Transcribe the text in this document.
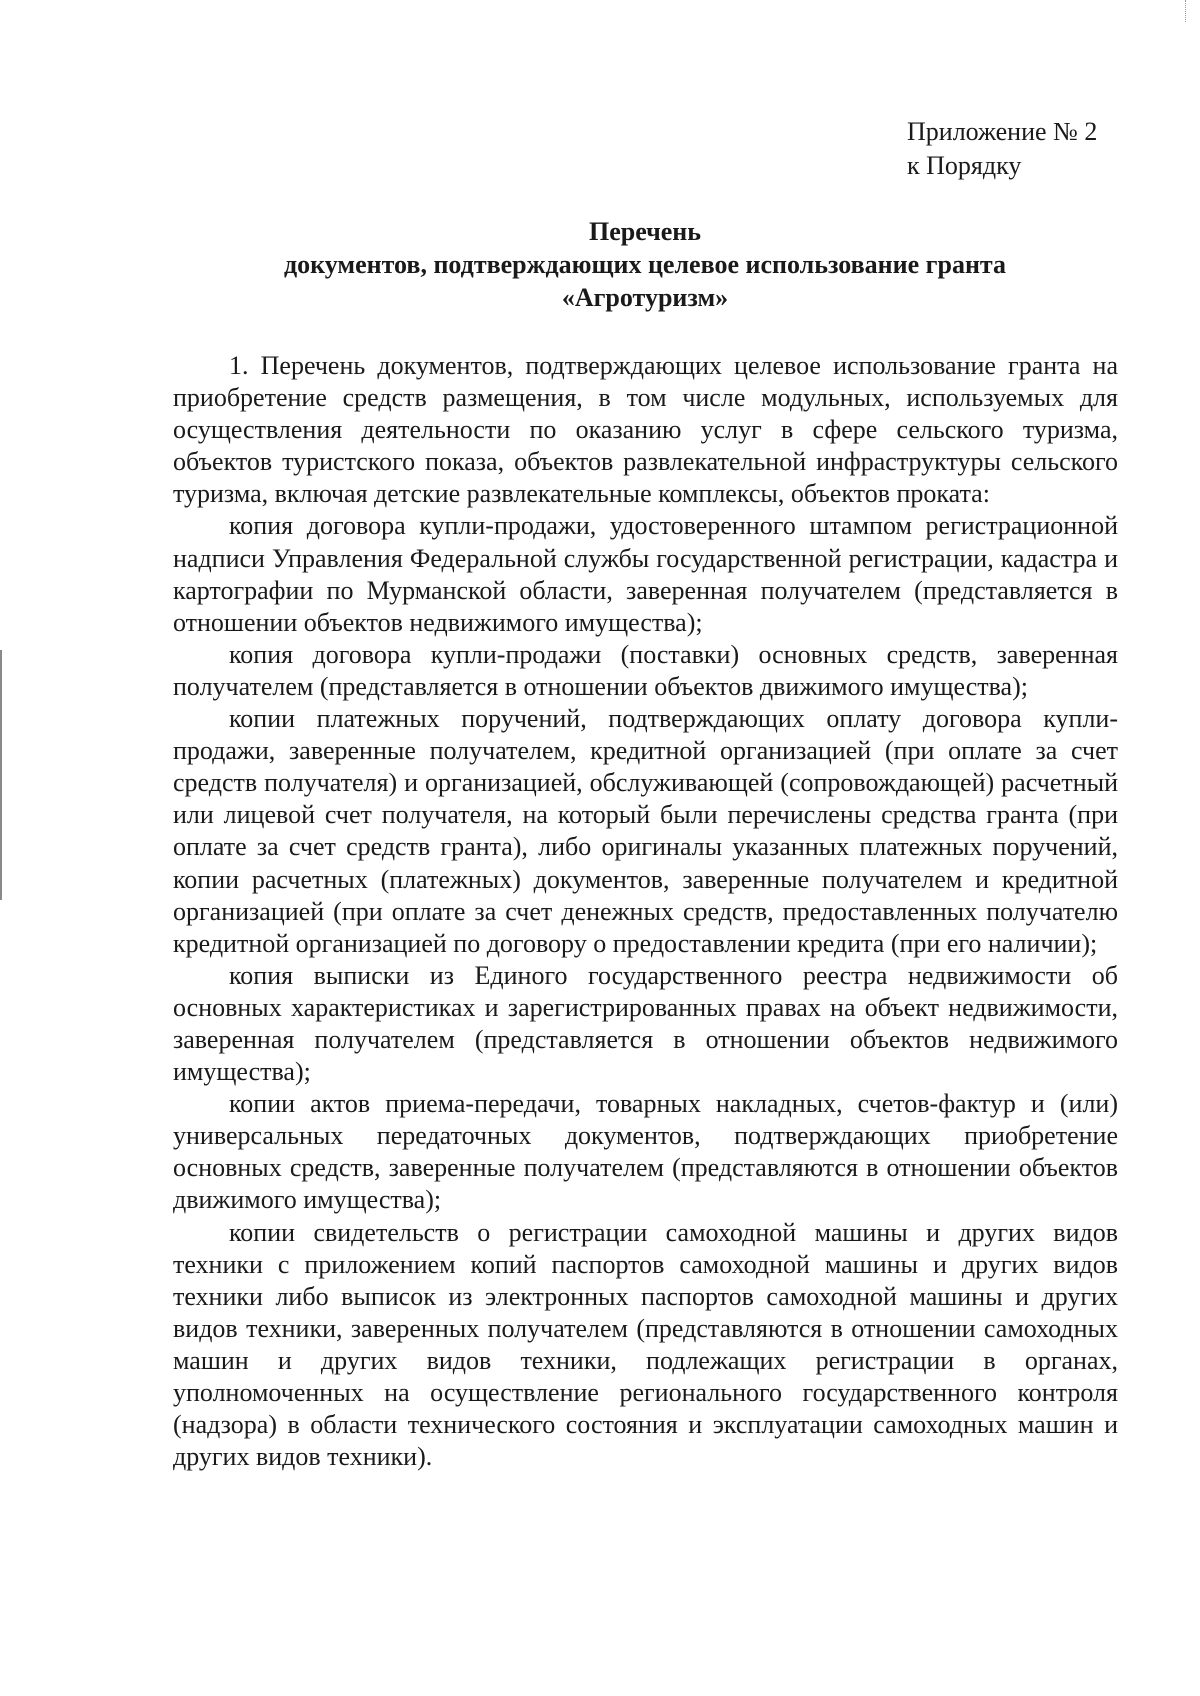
Приложение № 2
к Порядку
Перечень
документов, подтверждающих целевое использование гранта
«Агротуризм»

1. Перечень документов, подтверждающих целевое использование гранта на приобретение средств размещения, в том числе модульных, используемых для осуществления деятельности по оказанию услуг в сфере сельского туризма, объектов туристского показа, объектов развлекательной инфраструктуры сельского туризма, включая детские развлекательные комплексы, объектов проката:

копия договора купли-продажи, удостоверенного штампом регистрационной надписи Управления Федеральной службы государственной регистрации, кадастра и картографии по Мурманской области, заверенная получателем (представляется в отношении объектов недвижимого имущества);

копия договора купли-продажи (поставки) основных средств, заверенная получателем (представляется в отношении объектов движимого имущества);

копии платежных поручений, подтверждающих оплату договора купли-продажи, заверенные получателем, кредитной организацией (при оплате за счет средств получателя) и организацией, обслуживающей (сопровождающей) расчетный или лицевой счет получателя, на который были перечислены средства гранта (при оплате за счет средств гранта), либо оригиналы указанных платежных поручений, копии расчетных (платежных) документов, заверенные получателем и кредитной организацией (при оплате за счет денежных средств, предоставленных получателю кредитной организацией по договору о предоставлении кредита (при его наличии);

копия выписки из Единого государственного реестра недвижимости об основных характеристиках и зарегистрированных правах на объект недвижимости, заверенная получателем (представляется в отношении объектов недвижимого имущества);

копии актов приема-передачи, товарных накладных, счетов-фактур и (или) универсальных передаточных документов, подтверждающих приобретение основных средств, заверенные получателем (представляются в отношении объектов движимого имущества);

копии свидетельств о регистрации самоходной машины и других видов техники с приложением копий паспортов самоходной машины и других видов техники либо выписок из электронных паспортов самоходной машины и других видов техники, заверенных получателем (представляются в отношении самоходных машин и других видов техники, подлежащих регистрации в органах, уполномоченных на осуществление регионального государственного контроля (надзора) в области технического состояния и эксплуатации самоходных машин и других видов техники).
